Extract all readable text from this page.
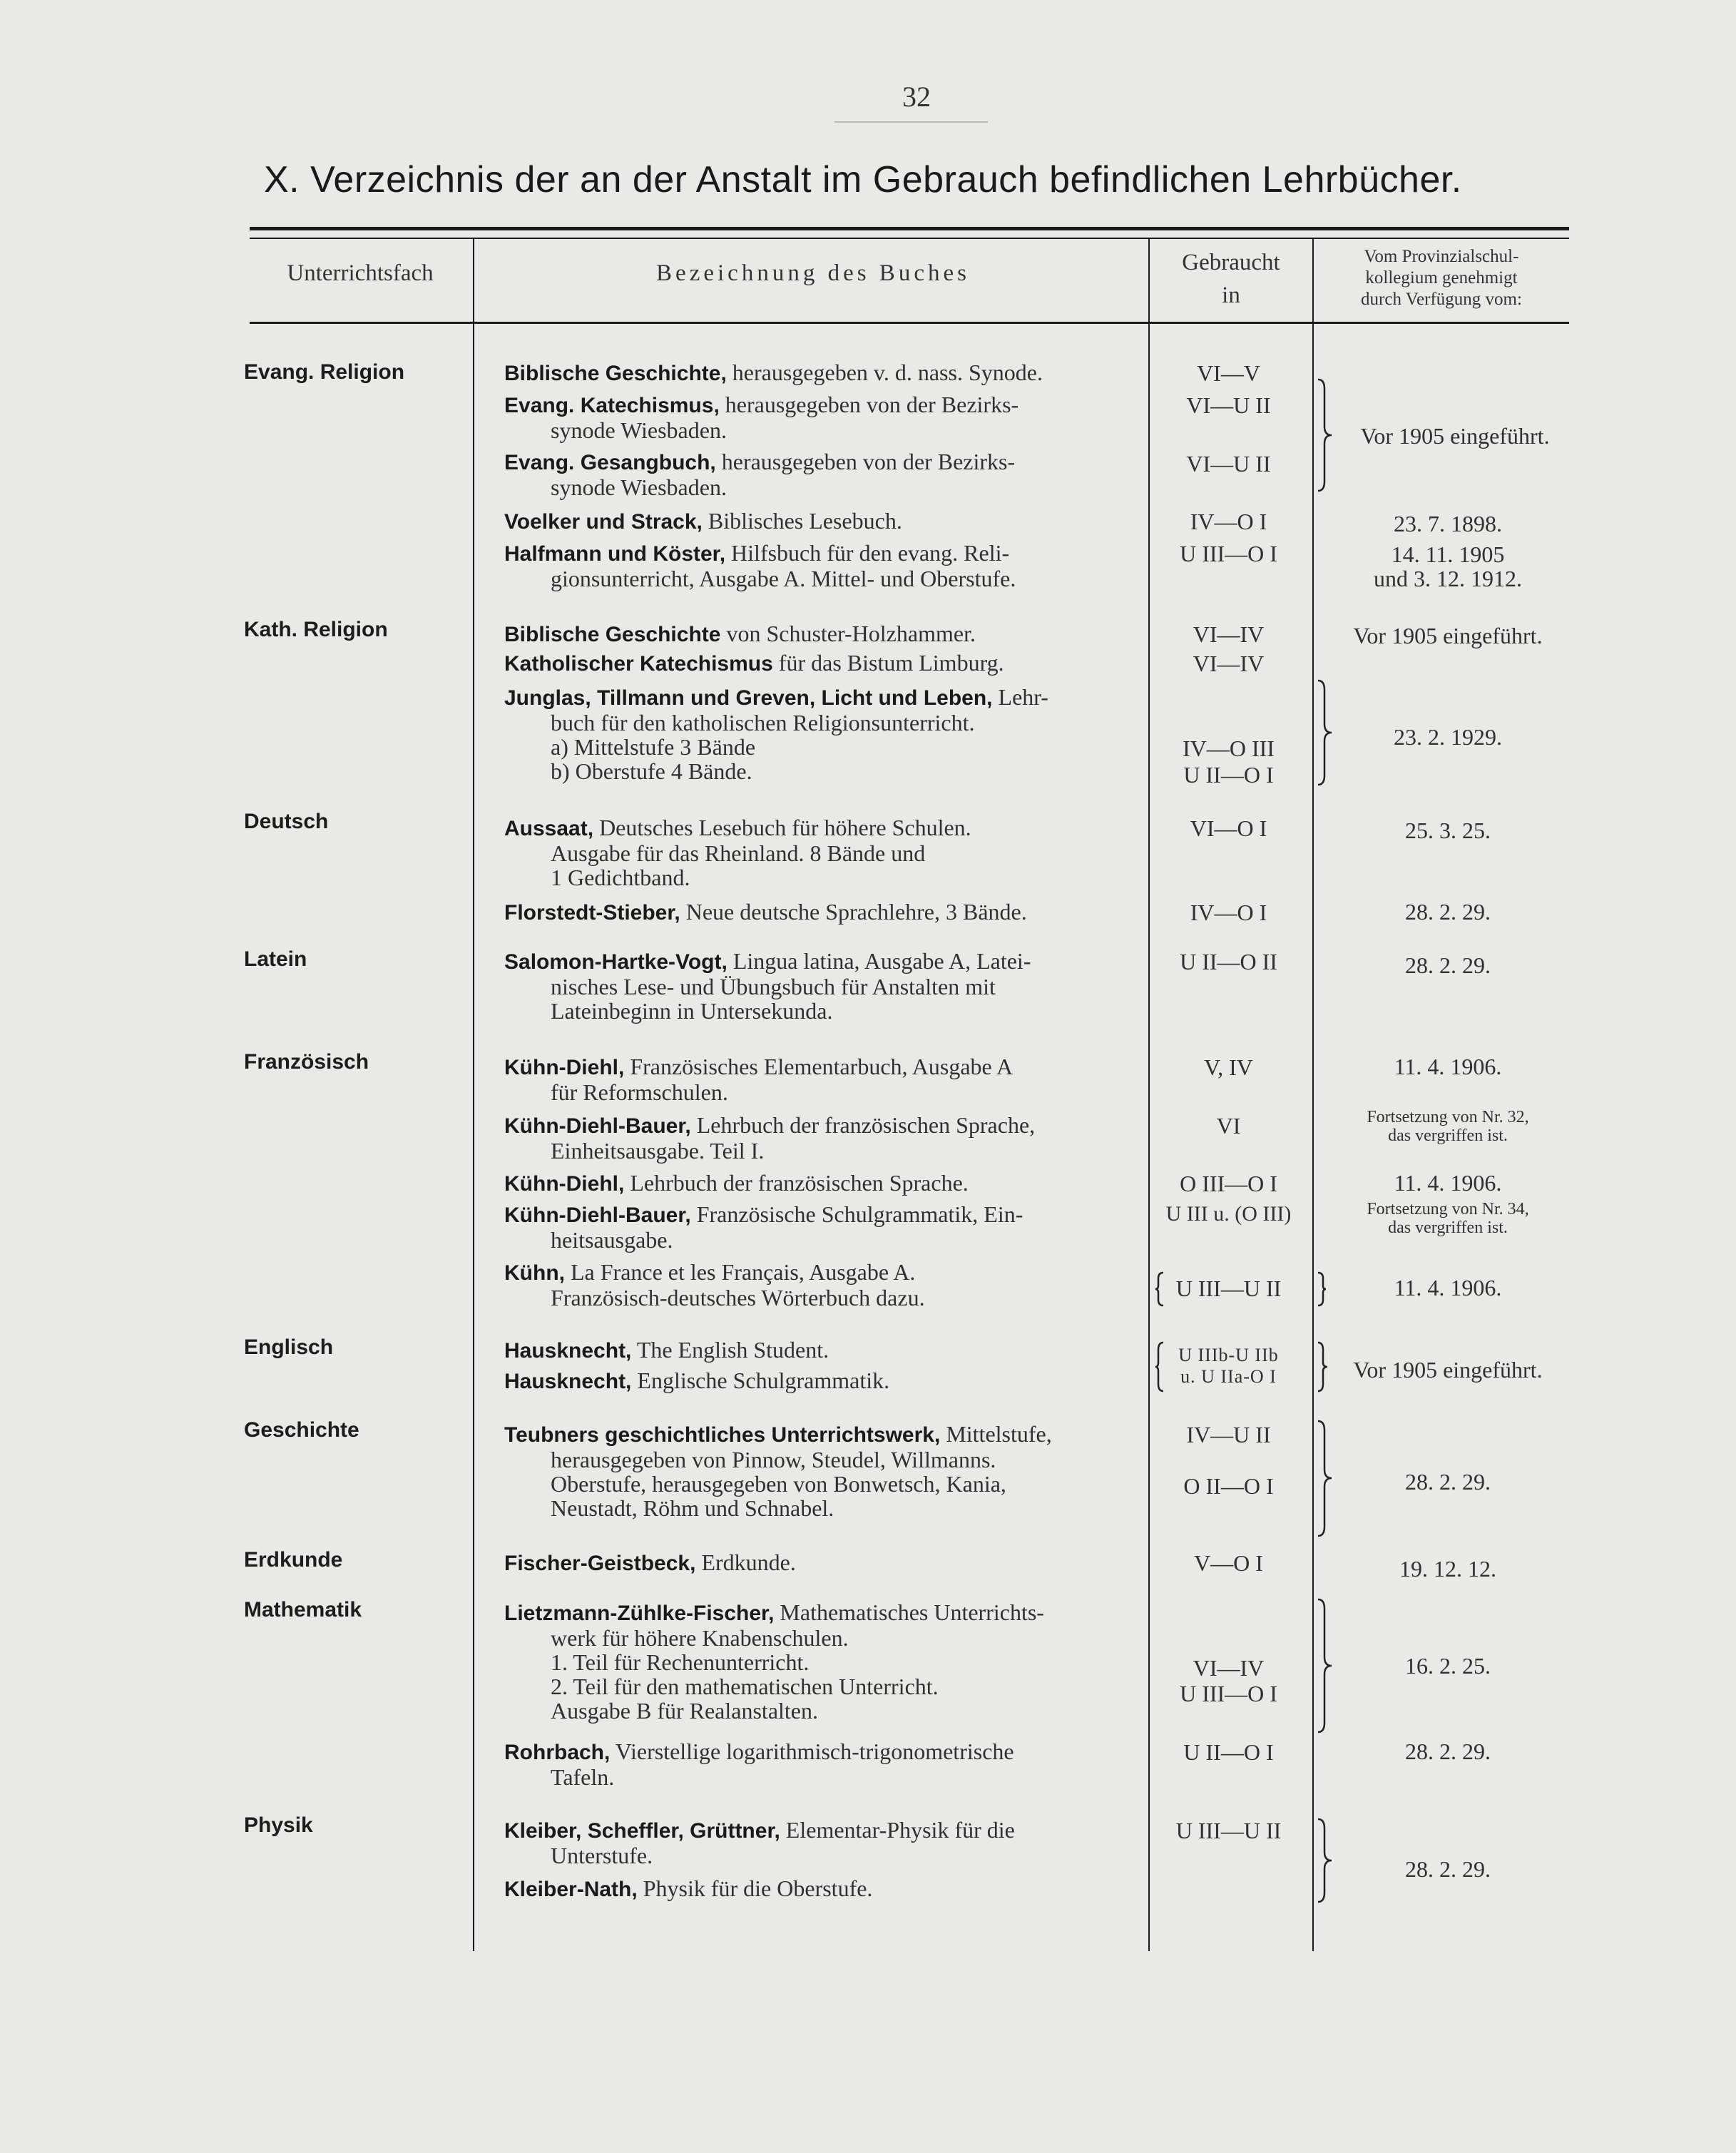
32
X. Verzeichnis der an der Anstalt im Gebrauch befindlichen Lehrbücher.
Unterrichtsfach	Bezeichnung des Buches	Gebraucht
in
Vom Provinzialschul-
kollegium genehmigt
durch Verfügung vom:
Evang. Religion
Kath. Religion
Deutsch
Latein
Französisch
Englisch
Geschichte
Erdkunde
Mathematik
Physik
Biblische Geschichte, herausgegeben v. d. nass. Synode.
Evang. Katechismus, herausgegeben von der Bezirks-
synode Wiesbaden.
Evang. Gesangbuch, herausgegeben von der Bezirks-
synode Wiesbaden.
Voelker und Strack, Biblisches Lesebuch.
Halfmann und Köster, Hilfsbuch für den evang. Reli-
gionsunterricht, Ausgabe A. Mittel- und Oberstufe.
Biblische Geschichte von Schuster-Holzhammer.
Katholischer Katechismus für das Bistum Limburg.
Junglas, Tillmann und Greven, Licht und Leben, Lehr-
buch für den katholischen Religionsunterricht.
a) Mittelstufe 3 Bände
b) Oberstufe 4 Bände.
Aussaat, Deutsches Lesebuch für höhere Schulen.
Ausgabe für das Rheinland. 8 Bände und
1 Gedichtband.
Florstedt-Stieber, Neue deutsche Sprachlehre, 3 Bände.
Salomon-Hartke-Vogt, Lingua latina, Ausgabe A, Latei-
nisches Lese- und Übungsbuch für Anstalten mit
Lateinbeginn in Untersekunda.
Kühn-Diehl, Französisches Elementarbuch, Ausgabe A
für Reformschulen.
Kühn-Diehl-Bauer, Lehrbuch der französischen Sprache,
Einheitsausgabe. Teil I.
Kühn-Diehl, Lehrbuch der französischen Sprache.
Kühn-Diehl-Bauer, Französische Schulgrammatik, Ein-
heitsausgabe.
Kühn, La France et les Français, Ausgabe A.
Französisch-deutsches Wörterbuch dazu.
Hausknecht, The English Student.
Hausknecht, Englische Schulgrammatik.
Teubners geschichtliches Unterrichtswerk, Mittelstufe,
herausgegeben von Pinnow, Steudel, Willmanns.
Oberstufe, herausgegeben von Bonwetsch, Kania,
Neustadt, Röhm und Schnabel.
Fischer-Geistbeck, Erdkunde.
Lietzmann-Zühlke-Fischer, Mathematisches Unterrichts-
werk für höhere Knabenschulen.
1. Teil für Rechenunterricht.
2. Teil für den mathematischen Unterricht.
Ausgabe B für Realanstalten.
Rohrbach, Vierstellige logarithmisch-trigonometrische
Tafeln.
Kleiber, Scheffler, Grüttner, Elementar-Physik für die
Unterstufe.
Kleiber-Nath, Physik für die Oberstufe.
VI—V
VI—U II
VI—U II
IV—O I
U III—O I
VI—IV
VI—IV
IV—O III
U II—O I
VI—O I
IV—O I
U II—O II
V, IV
VI
O III—O I
U III u. (O III)
U III—U II
U IIIb-U IIb
u. U IIa-O I
IV—U II
O II—O I
V—O I
VI—IV
U III—O I
U II—O I
U III—U II
Vor 1905 eingeführt.
23. 7. 1898.
14. 11. 1905
und 3. 12. 1912.
Vor 1905 eingeführt.
23. 2. 1929.
25. 3. 25.
28. 2. 29.
28. 2. 29.
11. 4. 1906.
Fortsetzung von Nr. 32,
das vergriffen ist.
11. 4. 1906.
Fortsetzung von Nr. 34,
das vergriffen ist.
11. 4. 1906.
Vor 1905 eingeführt.
28. 2. 29.
19. 12. 12.
16. 2. 25.
28. 2. 29.
28. 2. 29.
